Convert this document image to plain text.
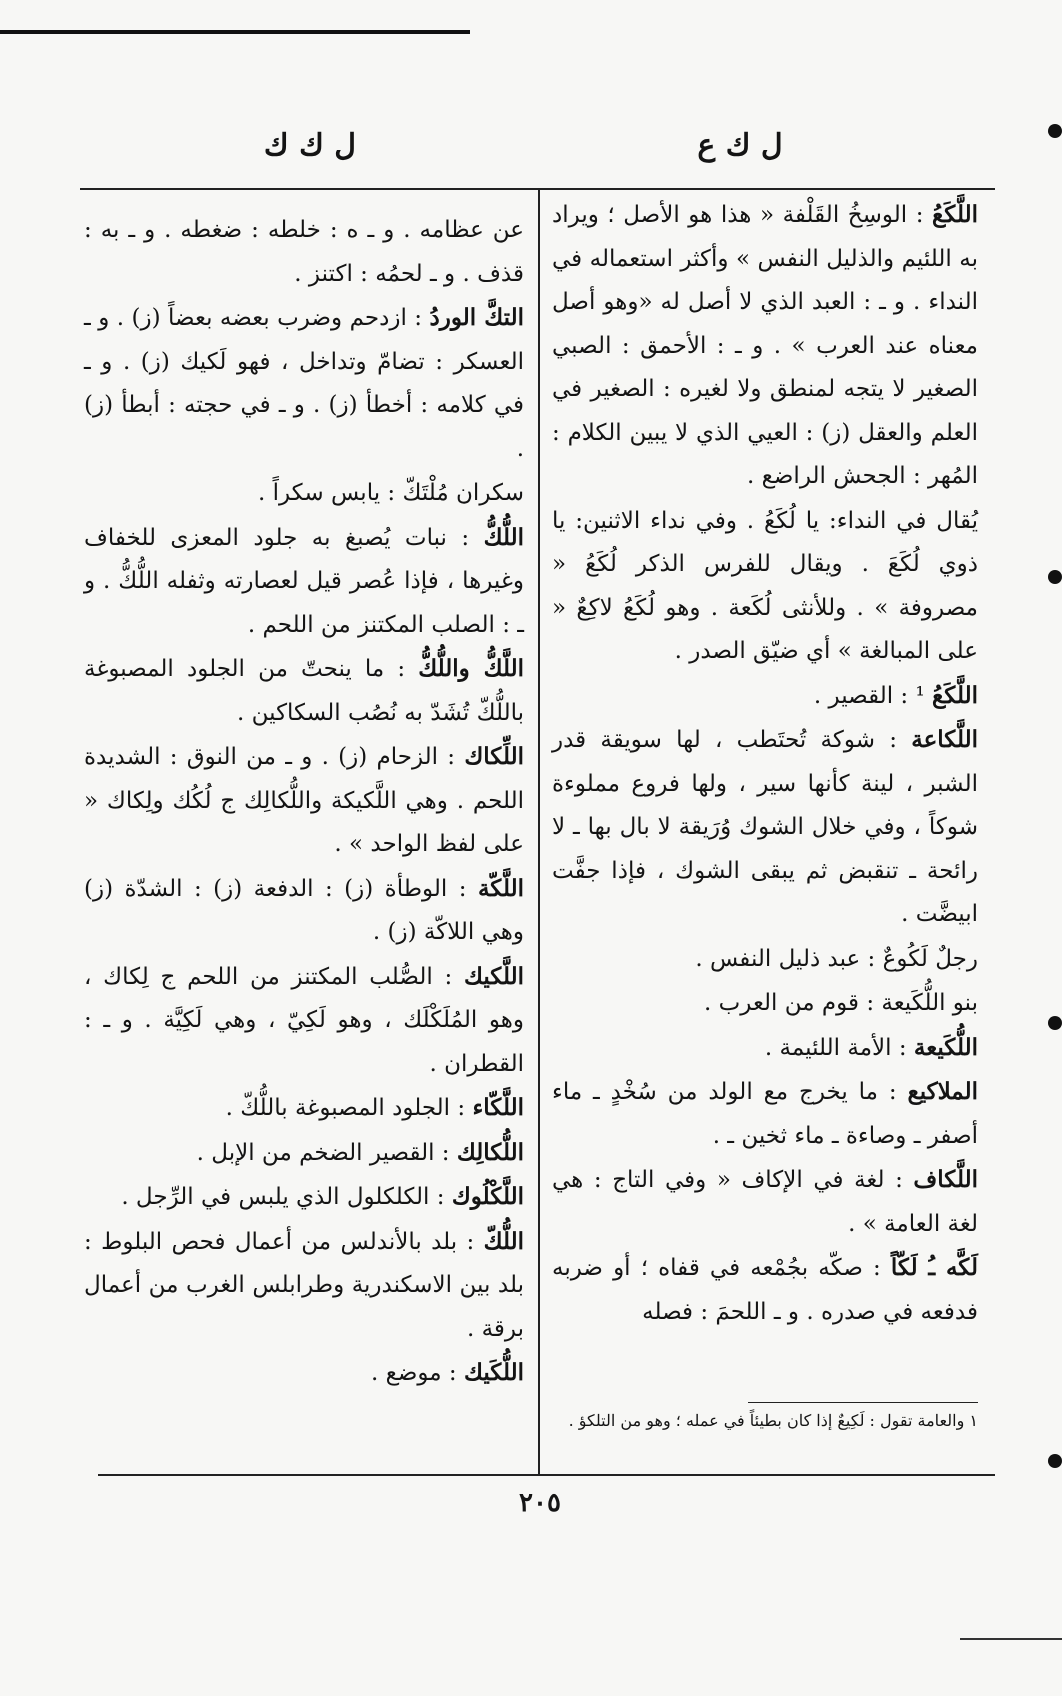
ل ك ع
ل ك ك

اللَّكَعُ : الوسِخُ القَلْفة « هذا هو الأصل ؛ ويراد به اللئيم والذليل النفس » وأكثر استعماله في النداء . و ـ : العبد الذي لا أصل له «وهو أصل معناه عند العرب » . و ـ : الأحمق : الصبي الصغير لا يتجه لمنطق ولا لغيره : الصغير في العلم والعقل (ز) : العيي الذي لا يبين الكلام : المُهر : الجحش الراضع .

يُقال في النداء: يا لُكَعُ . وفي نداء الاثنين: يا ذوي لُكَعَ . ويقال للفرس الذكر لُكَعُ « مصروفة » . وللأنثى لُكَعة . وهو لُكَعُ لاكِعٌ « على المبالغة » أي ضيّق الصدر .

اللَّكَعُ ¹ : القصير .

اللَّكاعة : شوكة تُحتَطب ، لها سويقة قدر الشبر ، لينة كأنها سير ، ولها فروع مملوءة شوكاً ، وفي خلال الشوك وُرَيقة لا بال بها ـ لا رائحة ـ تنقبض ثم يبقى الشوك ، فإذا جفَّت ابيضَّت .

رجلٌ لَكُوعٌ : عبد ذليل النفس .

بنو اللُّكَيعة : قوم من العرب .

اللُّكَيعة : الأمة اللئيمة .

الملاكيع : ما يخرج مع الولد من سُخْدٍ ـ ماء أصفر ـ وصاءة ـ ماء ثخين ـ .

اللَّكاف : لغة في الإكاف « وفي التاج : هي لغة العامة » .

لَكَّه ـُ لَكّاً : صكّه بجُمْعه في قفاه ؛ أو ضربه فدفعه في صدره . و ـ اللحمَ : فصله

١ والعامة تقول : لَكِيعٌ إذا كان بطيئاً في عمله ؛ وهو من التلكؤ .

عن عظامه . و ـ ه : خلطه : ضغطه . و ـ به : قذف . و ـ لحمُه : اكتنز .

التكَّ الوردُ : ازدحم وضرب بعضه بعضاً (ز) . و ـ العسكر : تضامّ وتداخل ، فهو لَكيك (ز) . و ـ في كلامه : أخطأ (ز) . و ـ في حجته : أبطأ (ز) .

سكران مُلْتَكّ : يابس سكراً .

اللُّكُّ : نبات يُصبغ به جلود المعزى للخفاف وغيرها ، فإذا عُصر قيل لعصارته وثفله اللُّكُّ . و ـ : الصلب المكتنز من اللحم .

اللَّكُّ واللُّكُّ : ما ينحتّ من الجلود المصبوغة باللُّكّ تُشَدّ به نُصُب السكاكين .

اللِّكاك : الزحام (ز) . و ـ من النوق : الشديدة اللحم . وهي اللَّكيكة واللُّكالِك ج لُكُك ولِكاك « على لفظ الواحد » .

اللَّكّة : الوطأة (ز) : الدفعة (ز) : الشدّة (ز) وهي اللاكّة (ز) .

اللَّكيك : الصُّلب المكتنز من اللحم ج لِكاك ، وهو المُلَكْلَك ، وهو لَكِيّ ، وهي لَكِيَّة . و ـ : القطران .

اللَّكّاء : الجلود المصبوغة باللُّكّ .

اللُّكالِك : القصير الضخم من الإبل .

اللَّكْلُوك : الكلكلول الذي يلبس في الرِّجل .

اللُّكّ : بلد بالأندلس من أعمال فحص البلوط : بلد بين الاسكندرية وطرابلس الغرب من أعمال برقة .

اللُّكَيك : موضع .

٢٠٥
